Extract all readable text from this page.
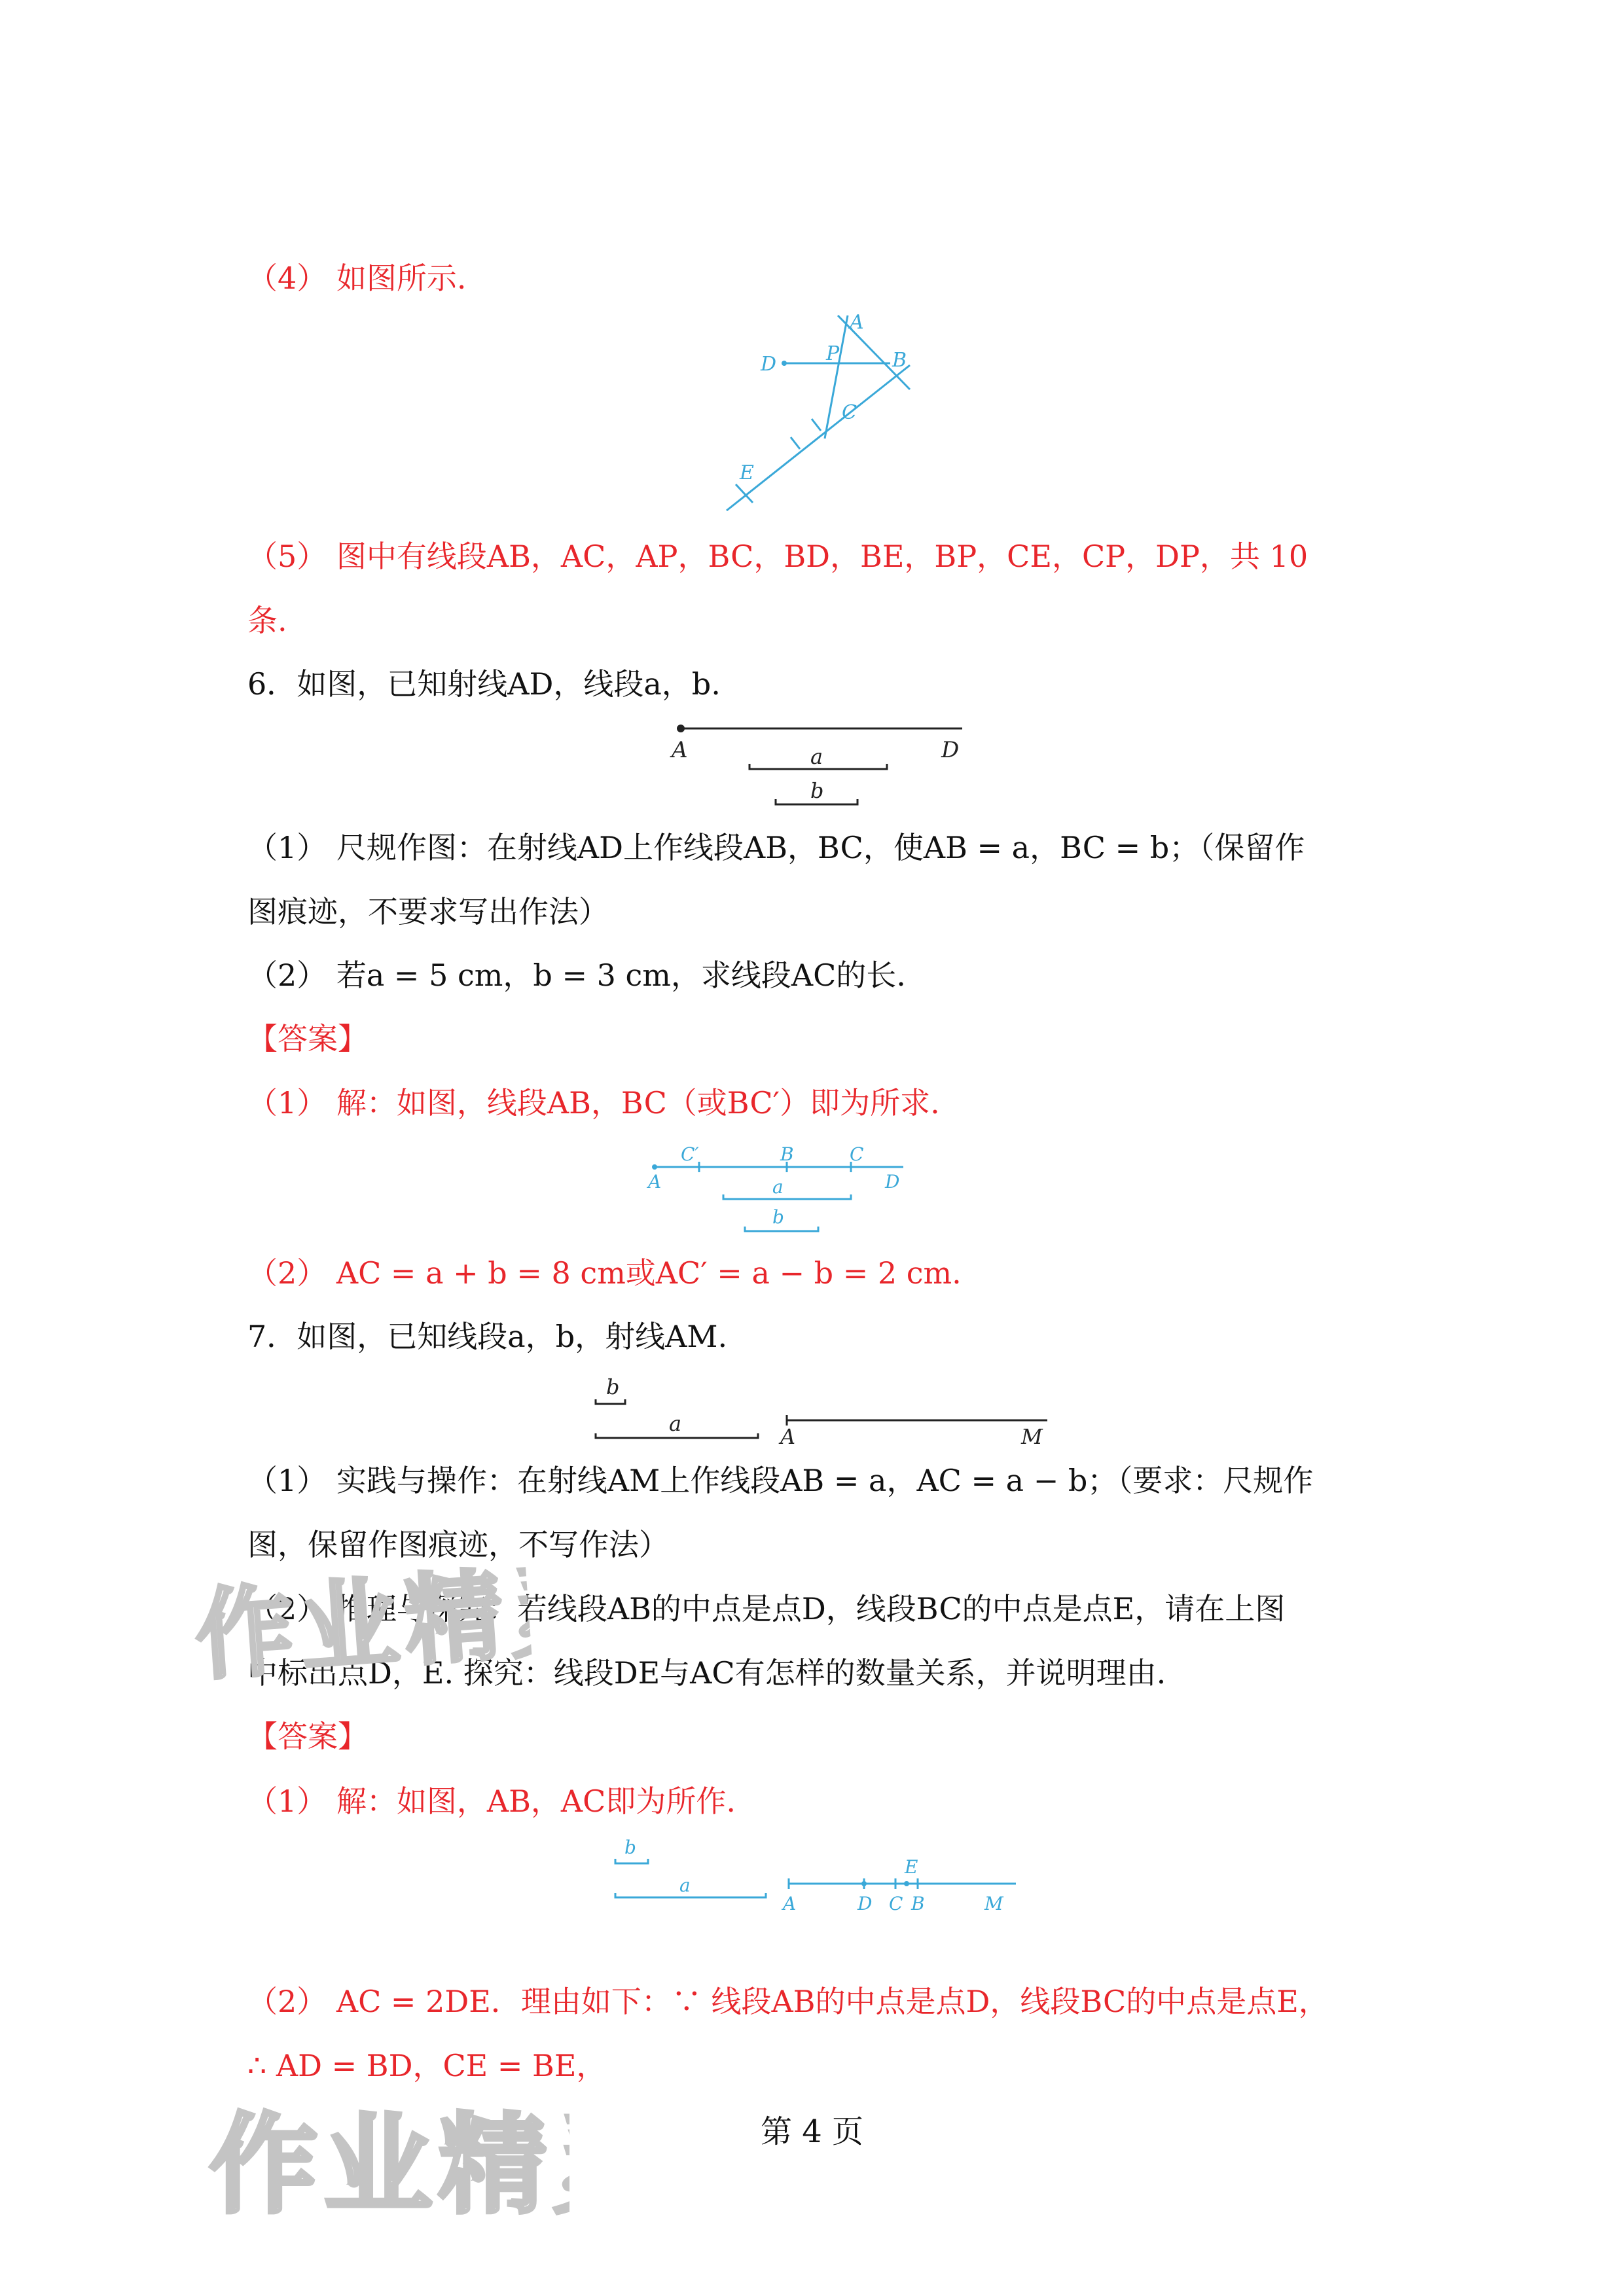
（4） 如图所示.
D
A
P	B
C
E
（5） 图中有线段AB，AC，AP，BC，BD，BE，BP，CE，CP，DP，共 10
条.
6．如图，已知射线AD，线段a，b.
A	D
a
b
（1） 尺规作图：在射线AD上作线段AB，BC，使AB = a，BC = b；（保留作
图痕迹，不要求写出作法）
（2） 若a = 5 cm，b = 3 cm，求线段AC的长.
【答案】
（1） 解：如图，线段AB，BC（或BC′）即为所求.
A
C′	B	C
D
a
b
（2） AC = a + b = 8 cm或AC′ = a − b = 2 cm.
7．如图，已知线段a，b，射线AM.
b
a
A	M
（1） 实践与操作：在射线AM上作线段AB = a，AC = a − b；（要求：尺规作
图，保留作图痕迹，不写作法）
（2） 推理与探究：若线段AB的中点是点D，线段BC的中点是点E，请在上图
中标出点D，E. 探究：线段DE与AC有怎样的数量关系，并说明理由.
【答案】
（1） 解：如图，AB，AC即为所作.
b
a
A	D C B
E
M
（2） AC = 2DE．理由如下：∵ 线段AB的中点是点D，线段BC的中点是点E，
∴ AD = BD，CE = BE，
作业精灵
作业精	第 4 页
